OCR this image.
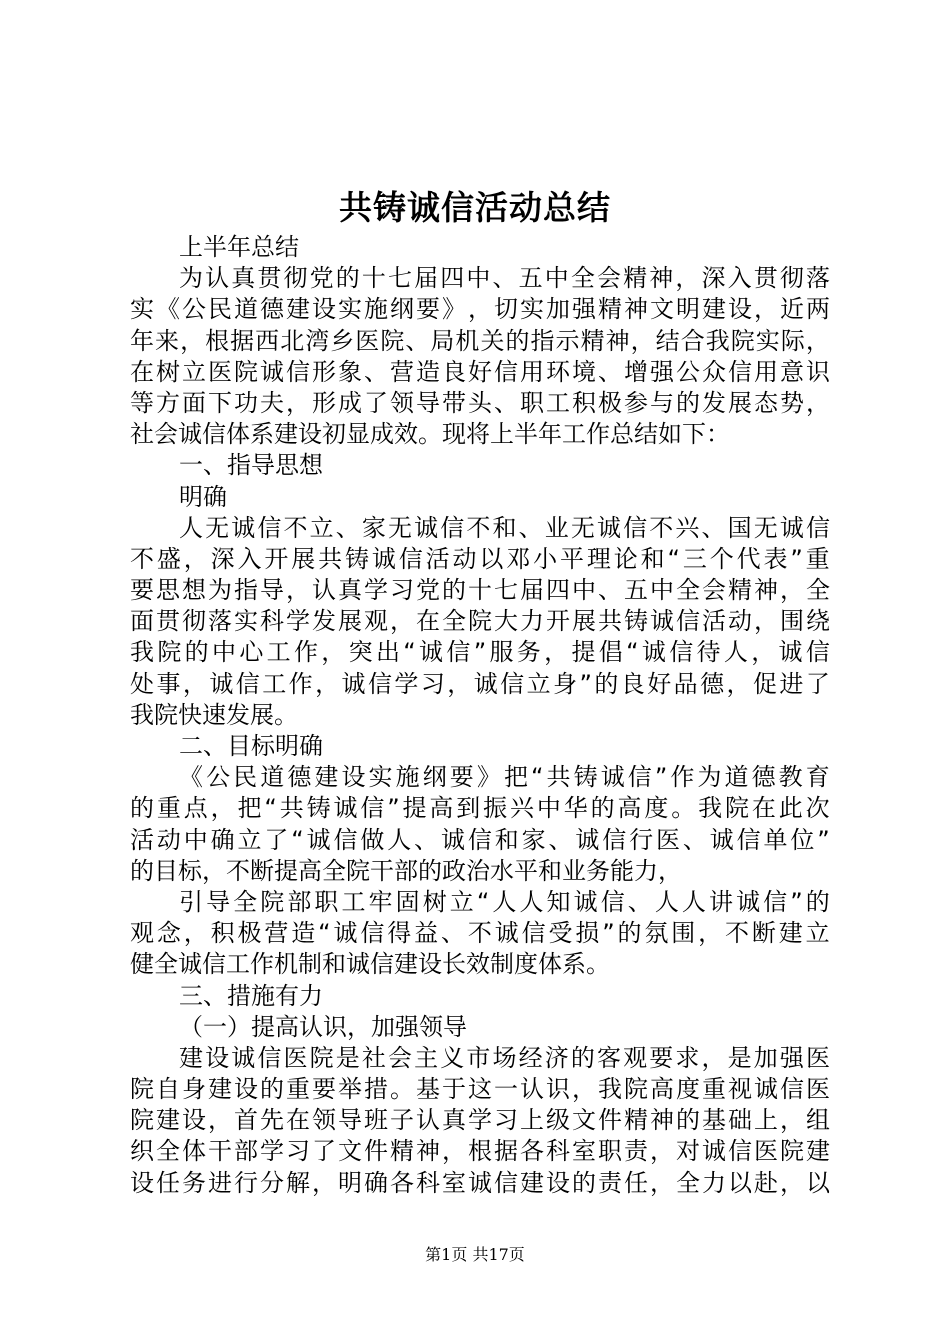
共铸诚信活动总结
上半年总结
为 认 真 贯 彻 党 的 十 七 届 四 中 、 五 中 全 会 精 神 ， 深 入 贯 彻 落
实 《 公 民 道 德 建 设 实 施 纲 要 》 ， 切 实 加 强 精 神 文 明 建 设 ， 近 两
年 来 ， 根 据 西 北 湾 乡 医 院 、 局 机 关 的 指 示 精 神 ， 结 合 我 院 实 际 ，
在 树 立 医 院 诚 信 形 象 、 营 造 良 好 信 用 环 境 、 增 强 公 众 信 用 意 识
等 方 面 下 功 夫 ， 形 成 了 领 导 带 头 、 职 工 积 极 参 与 的 发 展 态 势 ，
社会诚信体系建设初显成效。现将上半年工作总结如下：
一、指导思想
明确
人 无 诚 信 不 立 、 家 无 诚 信 不 和 、 业 无 诚 信 不 兴 、 国 无 诚 信
不 盛 ， 深 入 开 展 共 铸 诚 信 活 动 以 邓 小 平 理 论 和 “ 三 个 代 表 ” 重
要 思 想 为 指 导 ， 认 真 学 习 党 的 十 七 届 四 中 、 五 中 全 会 精 神 ， 全
面 贯 彻 落 实 科 学 发 展 观 ， 在 全 院 大 力 开 展 共 铸 诚 信 活 动 ， 围 绕
我 院 的 中 心 工 作 ， 突 出 “ 诚 信 ” 服 务 ， 提 倡 “ 诚 信 待 人 ， 诚 信
处 事 ， 诚 信 工 作 ， 诚 信 学 习 ， 诚 信 立 身 ” 的 良 好 品 德 ， 促 进 了
我院快速发展。
二、目标明确
《 公 民 道 德 建 设 实 施 纲 要 》 把 “ 共 铸 诚 信 ” 作 为 道 德 教 育
的 重 点 ， 把 “ 共 铸 诚 信 ” 提 高 到 振 兴 中 华 的 高 度 。 我 院 在 此 次
活 动 中 确 立 了 “ 诚 信 做 人 、 诚 信 和 家 、 诚 信 行 医 、 诚 信 单 位 ”
的目标，不断提高全院干部的政治水平和业务能力，
引 导 全 院 部 职 工 牢 固 树 立 “ 人 人 知 诚 信 、 人 人 讲 诚 信 ” 的
观 念 ， 积 极 营 造 “ 诚 信 得 益 、 不 诚 信 受 损 ” 的 氛 围 ， 不 断 建 立
健全诚信工作机制和诚信建设长效制度体系。
三、措施有力
（一）提高认识，加强领导
建 设 诚 信 医 院 是 社 会 主 义 市 场 经 济 的 客 观 要 求 ， 是 加 强 医
院 自 身 建 设 的 重 要 举 措 。 基 于 这 一 认 识 ， 我 院 高 度 重 视 诚 信 医
院 建 设 ， 首 先 在 领 导 班 子 认 真 学 习 上 级 文 件 精 神 的 基 础 上 ， 组
织 全 体 干 部 学 习 了 文 件 精 神 ， 根 据 各 科 室 职 责 ， 对 诚 信 医 院 建
设 任 务 进 行 分 解 ， 明 确 各 科 室 诚 信 建 设 的 责 任 ， 全 力 以 赴 ， 以
第1页 共17页
